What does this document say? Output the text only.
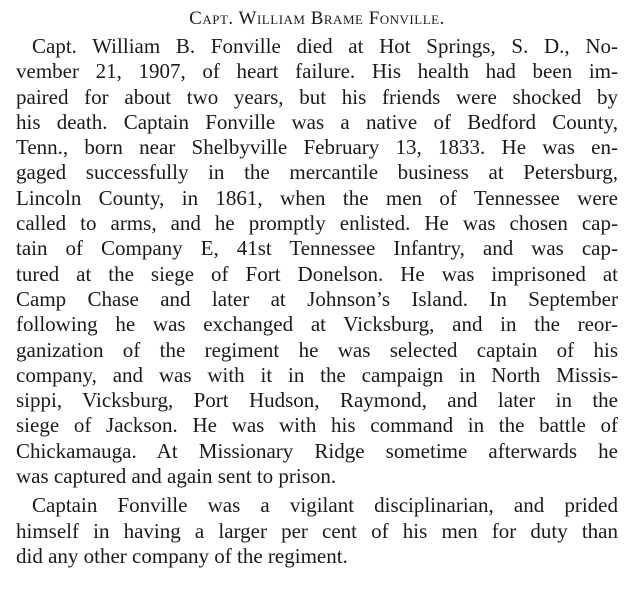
Capt. William Brame Fonville.

Capt. William B. Fonville died at Hot Springs, S. D., No-
vember 21, 1907, of heart failure. His health had been im-
paired for about two years, but his friends were shocked by
his death. Captain Fonville was a native of Bedford County,
Tenn., born near Shelbyville February 13, 1833. He was en-
gaged successfully in the mercantile business at Petersburg,
Lincoln County, in 1861, when the men of Tennessee were
called to arms, and he promptly enlisted. He was chosen cap-
tain of Company E, 41st Tennessee Infantry, and was cap-
tured at the siege of Fort Donelson. He was imprisoned at
Camp Chase and later at Johnson’s Island. In September
following he was exchanged at Vicksburg, and in the reor-
ganization of the regiment he was selected captain of his
company, and was with it in the campaign in North Missis-
sippi, Vicksburg, Port Hudson, Raymond, and later in the
siege of Jackson. He was with his command in the battle of
Chickamauga. At Missionary Ridge sometime afterwards he
was captured and again sent to prison.

Captain Fonville was a vigilant disciplinarian, and prided
himself in having a larger per cent of his men for duty than
did any other company of the regiment.
